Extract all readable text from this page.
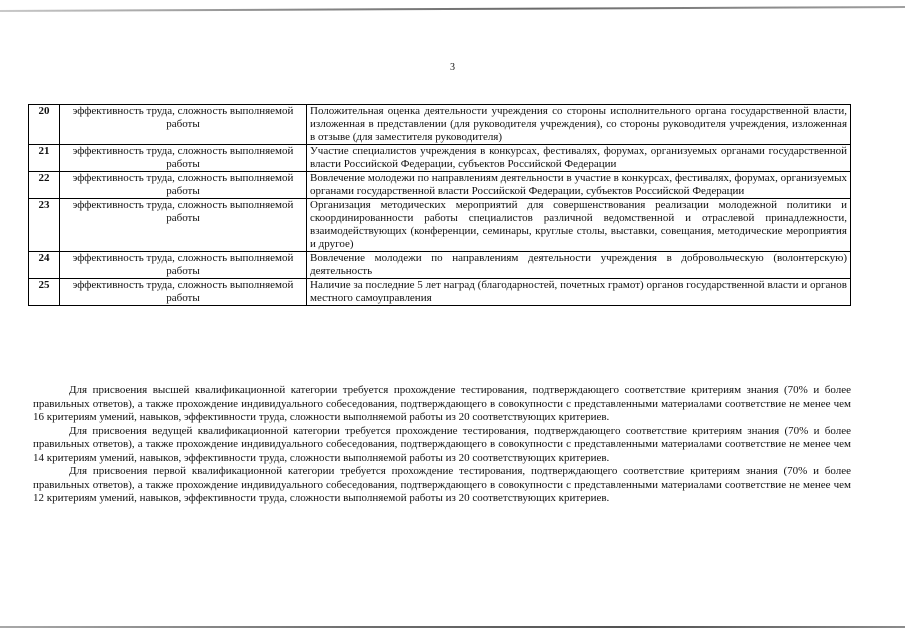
3
20	эффективность труда, сложность выполняемой работы	Положительная оценка деятельности учреждения со стороны исполнительного органа государственной власти, изложенная в представлении (для руководителя учреждения), со стороны руководителя учреждения, изложенная в отзыве (для заместителя руководителя)
21	эффективность труда, сложность выполняемой работы	Участие специалистов учреждения в конкурсах, фестивалях, форумах, организуемых органами государственной власти Российской Федерации, субъектов Российской Федерации
22	эффективность труда, сложность выполняемой работы	Вовлечение молодежи по направлениям деятельности в участие в конкурсах, фестивалях, форумах, организуемых органами государственной власти Российской Федерации, субъектов Российской Федерации
23	эффективность труда, сложность выполняемой работы	Организация методических мероприятий для совершенствования реализации молодежной политики и скоординированности работы специалистов различной ведомственной и отраслевой принадлежности, взаимодействующих (конференции, семинары, круглые столы, выставки, совещания, методические мероприятия и другое)
24	эффективность труда, сложность выполняемой работы	Вовлечение молодежи по направлениям деятельности учреждения в добровольческую (волонтерскую) деятельность
25	эффективность труда, сложность выполняемой работы	Наличие за последние 5 лет наград (благодарностей, почетных грамот) органов государственной власти и органов местного самоуправления

Для присвоения высшей квалификационной категории требуется прохождение тестирования, подтверждающего соответствие критериям знания (70% и более правильных ответов), а также прохождение индивидуального собеседования, подтверждающего в совокупности с представленными материалами соответствие не менее чем 16 критериям умений, навыков, эффективности труда, сложности выполняемой работы из 20 соответствующих критериев.

Для присвоения ведущей квалификационной категории требуется прохождение тестирования, подтверждающего соответствие критериям знания (70% и более правильных ответов), а также прохождение индивидуального собеседования, подтверждающего в совокупности с представленными материалами соответствие не менее чем 14 критериям умений, навыков, эффективности труда, сложности выполняемой работы из 20 соответствующих критериев.

Для присвоения первой квалификационной категории требуется прохождение тестирования, подтверждающего соответствие критериям знания (70% и более правильных ответов), а также прохождение индивидуального собеседования, подтверждающего в совокупности с представленными материалами соответствие не менее чем 12 критериям умений, навыков, эффективности труда, сложности выполняемой работы из 20 соответствующих критериев.
